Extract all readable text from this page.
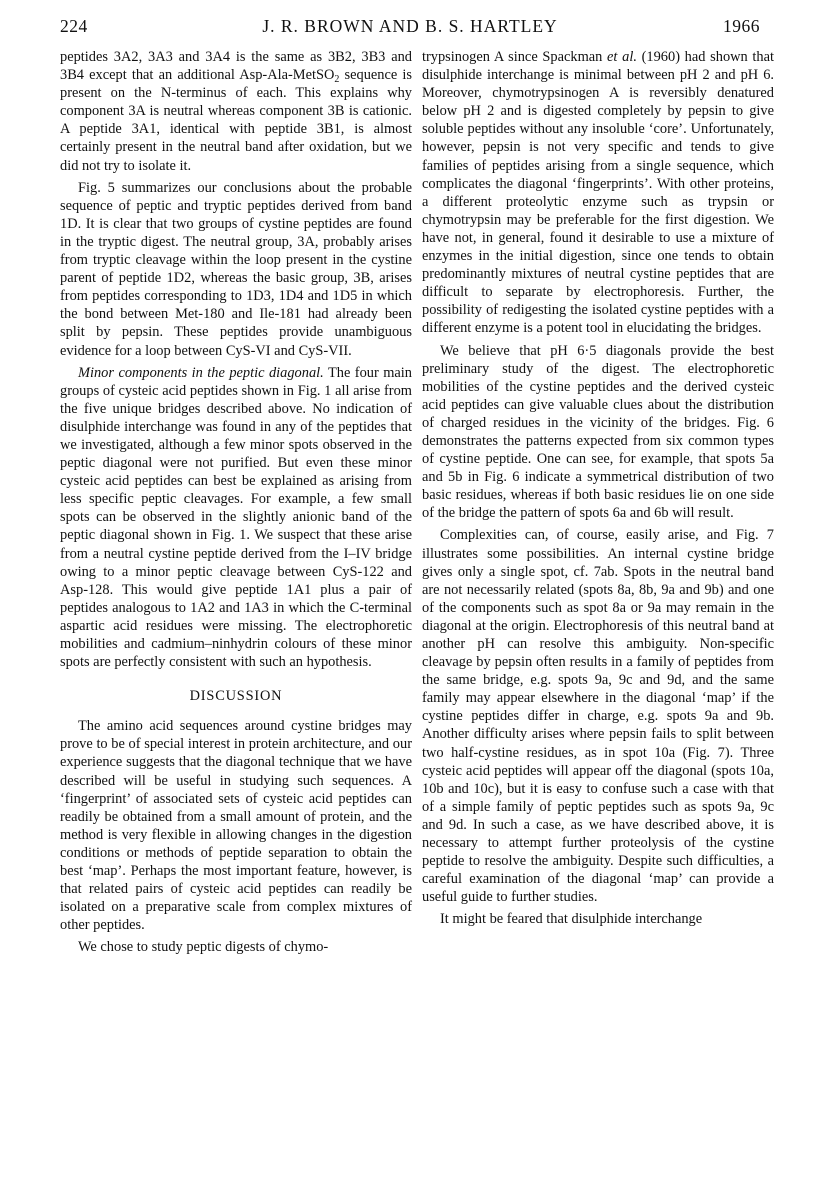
224	J. R. BROWN AND B. S. HARTLEY	1966

peptides 3A2, 3A3 and 3A4 is the same as 3B2, 3B3 and 3B4 except that an additional Asp-Ala-MetSO$_2$ sequence is present on the N-terminus of each. This explains why component 3A is neutral whereas component 3B is cationic. A peptide 3A1, identical with peptide 3B1, is almost certainly present in the neutral band after oxidation, but we did not try to isolate it.

Fig. 5 summarizes our conclusions about the probable sequence of peptic and tryptic peptides derived from band 1D. It is clear that two groups of cystine peptides are found in the tryptic digest. The neutral group, 3A, probably arises from tryptic cleavage within the loop present in the cystine parent of peptide 1D2, whereas the basic group, 3B, arises from peptides corresponding to 1D3, 1D4 and 1D5 in which the bond between Met-180 and Ile-181 had already been split by pepsin. These peptides provide unambiguous evidence for a loop between CyS-VI and CyS-VII.

Minor components in the peptic diagonal. The four main groups of cysteic acid peptides shown in Fig. 1 all arise from the five unique bridges described above. No indication of disulphide interchange was found in any of the peptides that we investigated, although a few minor spots observed in the peptic diagonal were not purified. But even these minor cysteic acid peptides can best be explained as arising from less specific peptic cleavages. For example, a few small spots can be observed in the slightly anionic band of the peptic diagonal shown in Fig. 1. We suspect that these arise from a neutral cystine peptide derived from the I–IV bridge owing to a minor peptic cleavage between CyS-122 and Asp-128. This would give peptide 1A1 plus a pair of peptides analogous to 1A2 and 1A3 in which the C-terminal aspartic acid residues were missing. The electrophoretic mobilities and cadmium–ninhydrin colours of these minor spots are perfectly consistent with such an hypothesis.

DISCUSSION

The amino acid sequences around cystine bridges may prove to be of special interest in protein architecture, and our experience suggests that the diagonal technique that we have described will be useful in studying such sequences. A ‘fingerprint’ of associated sets of cysteic acid peptides can readily be obtained from a small amount of protein, and the method is very flexible in allowing changes in the digestion conditions or methods of peptide separation to obtain the best ‘map’. Perhaps the most important feature, however, is that related pairs of cysteic acid peptides can readily be isolated on a preparative scale from complex mixtures of other peptides.

We chose to study peptic digests of chymo-

trypsinogen A since Spackman et al. (1960) had shown that disulphide interchange is minimal between pH 2 and pH 6. Moreover, chymotrypsinogen A is reversibly denatured below pH 2 and is digested completely by pepsin to give soluble peptides without any insoluble ‘core’. Unfortunately, however, pepsin is not very specific and tends to give families of peptides arising from a single sequence, which complicates the diagonal ‘fingerprints’. With other proteins, a different proteolytic enzyme such as trypsin or chymotrypsin may be preferable for the first digestion. We have not, in general, found it desirable to use a mixture of enzymes in the initial digestion, since one tends to obtain predominantly mixtures of neutral cystine peptides that are difficult to separate by electrophoresis. Further, the possibility of redigesting the isolated cystine peptides with a different enzyme is a potent tool in elucidating the bridges.

We believe that pH 6·5 diagonals provide the best preliminary study of the digest. The electrophoretic mobilities of the cystine peptides and the derived cysteic acid peptides can give valuable clues about the distribution of charged residues in the vicinity of the bridges. Fig. 6 demonstrates the patterns expected from six common types of cystine peptide. One can see, for example, that spots 5a and 5b in Fig. 6 indicate a symmetrical distribution of two basic residues, whereas if both basic residues lie on one side of the bridge the pattern of spots 6a and 6b will result.

Complexities can, of course, easily arise, and Fig. 7 illustrates some possibilities. An internal cystine bridge gives only a single spot, cf. 7ab. Spots in the neutral band are not necessarily related (spots 8a, 8b, 9a and 9b) and one of the components such as spot 8a or 9a may remain in the diagonal at the origin. Electrophoresis of this neutral band at another pH can resolve this ambiguity. Non-specific cleavage by pepsin often results in a family of peptides from the same bridge, e.g. spots 9a, 9c and 9d, and the same family may appear elsewhere in the diagonal ‘map’ if the cystine peptides differ in charge, e.g. spots 9a and 9b. Another difficulty arises where pepsin fails to split between two half-cystine residues, as in spot 10a (Fig. 7). Three cysteic acid peptides will appear off the diagonal (spots 10a, 10b and 10c), but it is easy to confuse such a case with that of a simple family of peptic peptides such as spots 9a, 9c and 9d. In such a case, as we have described above, it is necessary to attempt further proteolysis of the cystine peptide to resolve the ambiguity. Despite such difficulties, a careful examination of the diagonal ‘map’ can provide a useful guide to further studies.

It might be feared that disulphide interchange
